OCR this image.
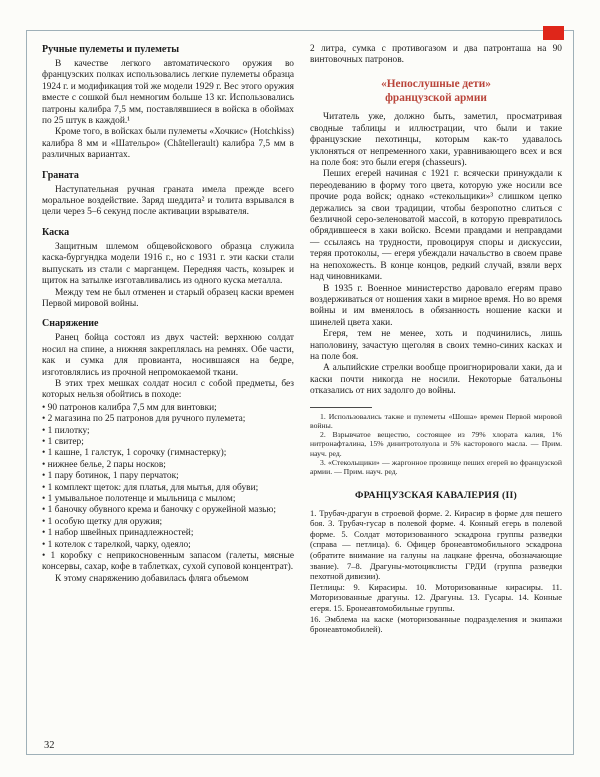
Ручные пулеметы и пулеметы

В качестве легкого автоматического оружия во французских полках использовались легкие пулеметы образца 1924 г. и модификация той же модели 1929 г. Вес этого оружия вместе с сошкой был немногим больше 13 кг. Использовались патроны калибра 7,5 мм, поставлявшиеся в войска в обоймах по 25 штук в каждой.¹

Кроме того, в войсках были пулеметы «Хочкис» (Hotchkiss) калибра 8 мм и «Шательро» (Châtellerault) калибра 7,5 мм в различных вариантах.

Граната

Наступательная ручная граната имела прежде всего моральное воздействие. Заряд шеддита² и толита взрывался в цели через 5–6 секунд после активации взрывателя.

Каска

Защитным шлемом общевойскового образца служила каска-бургундка модели 1916 г., но с 1931 г. эти каски стали выпускать из стали с марганцем. Передняя часть, козырек и щиток на затылке изготавливались из одного куска металла.

Между тем не был отменен и старый образец каски времен Первой мировой войны.

Снаряжение

Ранец бойца состоял из двух частей: верхнюю солдат носил на спине, а нижняя закреплялась на ремнях. Обе части, как и сумка для провианта, носившаяся на бедре, изготовлялись из прочной непромокаемой ткани.

В этих трех мешках солдат носил с собой предметы, без которых нельзя обойтись в походе:

• 90 патронов калибра 7,5 мм для винтовки;
• 2 магазина по 25 патронов для ручного пулемета;
• 1 пилотку;
• 1 свитер;
• 1 кашне, 1 галстук, 1 сорочку (гимнастерку);
• нижнее белье, 2 пары носков;
• 1 пару ботинок, 1 пару перчаток;
• 1 комплект щеток: для платья, для мытья, для обуви;
• 1 умывальное полотенце и мыльница с мылом;
• 1 баночку обувного крема и баночку с оружейной мазью;
• 1 особую щетку для оружия;
• 1 набор швейных принадлежностей;
• 1 котелок с тарелкой, чарку, одеяло;
• 1 коробку с неприкосновенным запасом (галеты, мясные консервы, сахар, кофе в таблетках, сухой суповой концентрат).

К этому снаряжению добавилась фляга объемом

2 литра, сумка с противогазом и два патронташа на 90 винтовочных патронов.

«Непослушные дети»
французской армии

Читатель уже, должно быть, заметил, просматривая сводные таблицы и иллюстрации, что были и такие французские пехотинцы, которым как-то удавалось уклоняться от непременного хаки, уравнивающего всех и вся на поле боя: это были егеря (chasseurs).

Пеших егерей начиная с 1921 г. всячески принуждали к переодеванию в форму того цвета, которую уже носили все прочие рода войск; однако «стекольщики»³ слишком цепко держались за свои традиции, чтобы безропотно слиться с безличной серо-зеленоватой массой, в которую превратилось обрядившееся в хаки войско. Всеми правдами и неправдами — ссылаясь на трудности, провоцируя споры и дискуссии, теряя протоколы, — егеря убеждали начальство в своем праве на непохожесть. В конце концов, редкий случай, взяли верх над чиновниками.

В 1935 г. Военное министерство даровало егерям право воздерживаться от ношения хаки в мирное время. Но во время войны и им вменялось в обязанность ношение каски и шинелей цвета хаки.

Егеря, тем не менее, хоть и подчинились, лишь наполовину, зачастую щеголяя в своих темно-синих касках и на поле боя.

А альпийские стрелки вообще проигнорировали хаки, да и каски почти никогда не носили. Некоторые батальоны отказались от них задолго до войны.

1. Использовались также и пулеметы «Шоша» времен Первой мировой войны.

2. Взрывчатое вещество, состоящее из 79% хлората калия, 1% нитронафталина, 15% динитротолуола и 5% касторового масла. — Прим. науч. ред.

3. «Стекольщики» — жаргонное прозвище пеших егерей во французской армии. — Прим. науч. ред.

ФРАНЦУЗСКАЯ КАВАЛЕРИЯ (II)

1. Трубач-драгун в строевой форме. 2. Кирасир в форме для пешего боя. 3. Трубач-гусар в полевой форме. 4. Конный егерь в полевой форме. 5. Солдат моторизованного эскадрона группы разведки (справа — петлица). 6. Офицер бронеавтомобильного эскадрона (обратите внимание на галуны на лацкане френча, обозначающие звание). 7–8. Драгуны-мотоциклисты ГРДИ (группа разведки пехотной дивизии).

Петлицы: 9. Кирасиры. 10. Моторизованные кирасиры. 11. Моторизованные драгуны. 12. Драгуны. 13. Гусары. 14. Конные егеря. 15. Бронеавтомобильные группы.

16. Эмблема на каске (моторизованные подразделения и экипажи бронеавтомобилей).

32
